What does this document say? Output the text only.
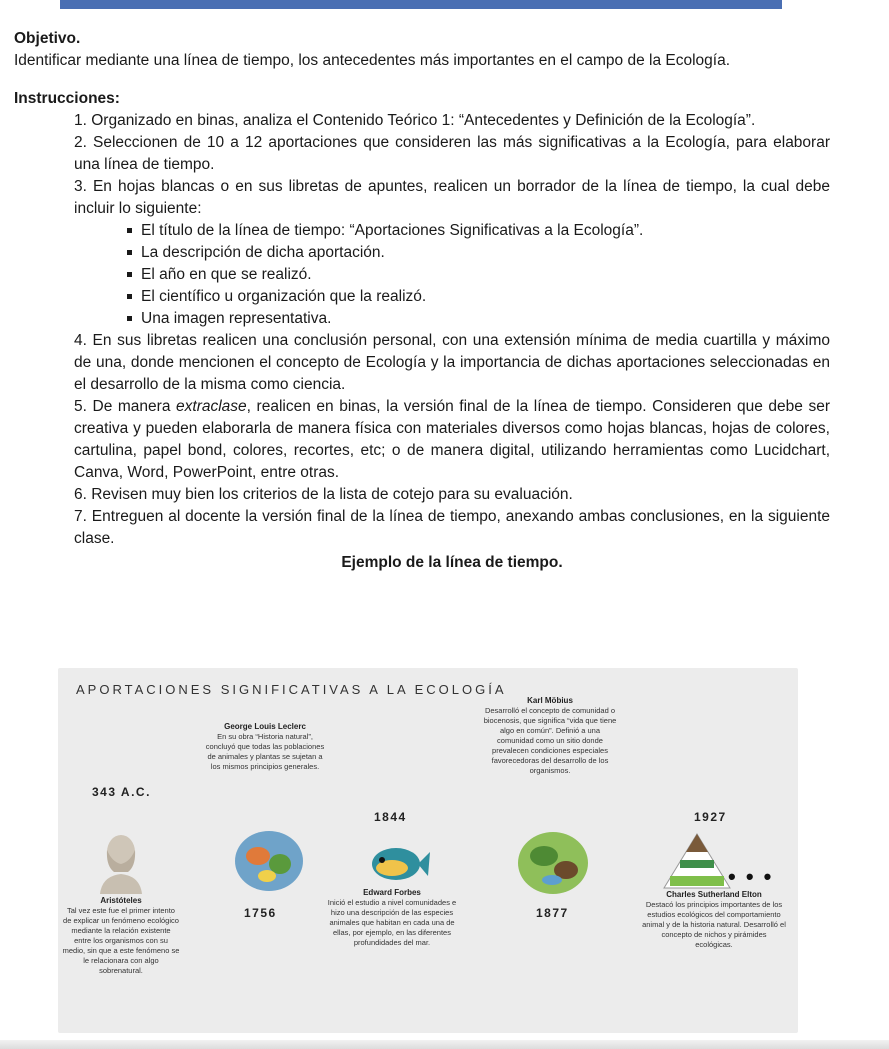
Objetivo.
Identificar mediante una línea de tiempo, los antecedentes más importantes en el campo de la Ecología.
Instrucciones:
1. Organizado en binas, analiza el Contenido Teórico 1: “Antecedentes y Definición de la Ecología”.
2. Seleccionen de 10 a 12 aportaciones que consideren las más significativas a la Ecología, para elaborar una línea de tiempo.
3. En hojas blancas o en sus libretas de apuntes, realicen un borrador de la línea de tiempo, la cual debe incluir lo siguiente:
El título de la línea de tiempo: “Aportaciones Significativas a la Ecología”.
La descripción de dicha aportación.
El año en que se realizó.
El científico u organización que la realizó.
Una imagen representativa.
4. En sus libretas realicen una conclusión personal, con una extensión mínima de media cuartilla y máximo de una, donde mencionen el concepto de Ecología y la importancia de dichas aportaciones seleccionadas en el desarrollo de la misma como ciencia.
5. De manera extraclase, realicen en binas, la versión final de la línea de tiempo. Consideren que debe ser creativa y pueden elaborarla de manera física con materiales diversos como hojas blancas, hojas de colores, cartulina, papel bond, colores, recortes, etc; o de manera digital, utilizando herramientas como Lucidchart, Canva, Word, PowerPoint, entre otras.
6. Revisen muy bien los criterios de la lista de cotejo para su evaluación.
7. Entreguen al docente la versión final de la línea de tiempo, anexando ambas conclusiones, en la siguiente clase.
Ejemplo de la línea de tiempo.
APORTACIONES SIGNIFICATIVAS A LA ECOLOGÍA
343 A.C.
1756
1844
1877
1927
Aristóteles
Tal vez este fue el primer intento de explicar un fenómeno ecológico mediante la relación existente entre los organismos con su medio, sin que a este fenómeno se le relacionara con algo sobrenatural.
George Louis Leclerc
En su obra “Historia natural”, concluyó que todas las poblaciones de animales y plantas se sujetan a los mismos principios generales.
Edward Forbes
Inició el estudio a nivel comunidades e hizo una descripción de las especies animales que habitan en cada una de ellas, por ejemplo, en las diferentes profundidades del mar.
Karl Möbius
Desarrolló el concepto de comunidad o biocenosis, que significa “vida que tiene algo en común”. Definió a una comunidad como un sitio donde prevalecen condiciones especiales favorecedoras del desarrollo de los organismos.
• • •
Charles Sutherland Elton
Destacó los principios importantes de los estudios ecológicos del comportamiento animal y de la historia natural. Desarrolló el concepto de nichos y pirámides ecológicas.
